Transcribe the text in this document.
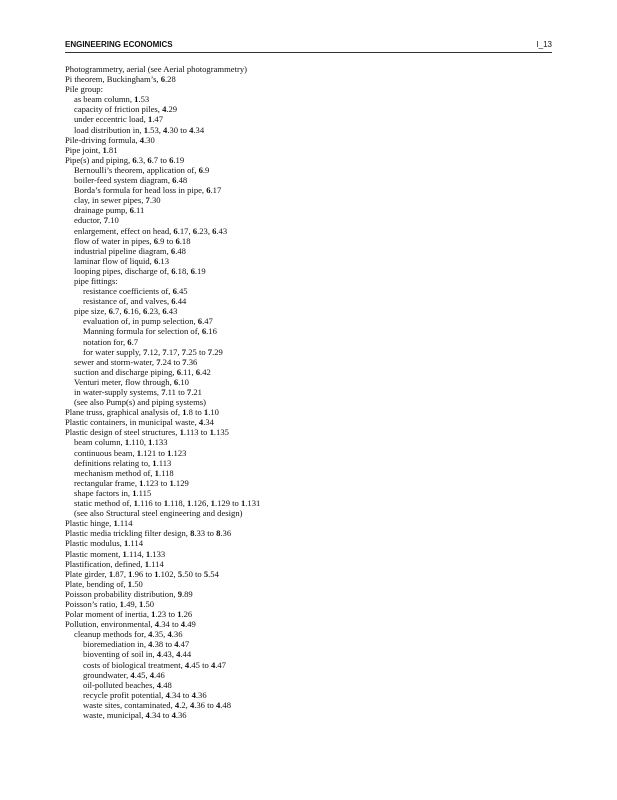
ENGINEERING ECONOMICS	I_13
Photogrammetry, aerial (see Aerial photogrammetry)
Pi theorem, Buckingham’s, 6.28
Pile group:
as beam column, 1.53
capacity of friction piles, 4.29
under eccentric load, 1.47
load distribution in, 1.53, 4.30 to 4.34
Pile-driving formula, 4.30
Pipe joint, 1.81
Pipe(s) and piping, 6.3, 6.7 to 6.19
Bernoulli’s theorem, application of, 6.9
boiler-feed system diagram, 6.48
Borda’s formula for head loss in pipe, 6.17
clay, in sewer pipes, 7.30
drainage pump, 6.11
eductor, 7.10
enlargement, effect on head, 6.17, 6.23, 6.43
flow of water in pipes, 6.9 to 6.18
industrial pipeline diagram, 6.48
laminar flow of liquid, 6.13
looping pipes, discharge of, 6.18, 6.19
pipe fittings:
resistance coefficients of, 6.45
resistance of, and valves, 6.44
pipe size, 6.7, 6.16, 6.23, 6.43
evaluation of, in pump selection, 6.47
Manning formula for selection of, 6.16
notation for, 6.7
for water supply, 7.12, 7.17, 7.25 to 7.29
sewer and storm-water, 7.24 to 7.36
suction and discharge piping, 6.11, 6.42
Venturi meter, flow through, 6.10
in water-supply systems, 7.11 to 7.21
(see also Pump(s) and piping systems)
Plane truss, graphical analysis of, 1.8 to 1.10
Plastic containers, in municipal waste, 4.34
Plastic design of steel structures, 1.113 to 1.135
beam column, 1.110, 1.133
continuous beam, 1.121 to 1.123
definitions relating to, 1.113
mechanism method of, 1.118
rectangular frame, 1.123 to 1.129
shape factors in, 1.115
static method of, 1.116 to 1.118, 1.126, 1.129 to 1.131
(see also Structural steel engineering and design)
Plastic hinge, 1.114
Plastic media trickling filter design, 8.33 to 8.36
Plastic modulus, 1.114
Plastic moment, 1.114, 1.133
Plastification, defined, 1.114
Plate girder, 1.87, 1.96 to 1.102, 5.50 to 5.54
Plate, bending of, 1.50
Poisson probability distribution, 9.89
Poisson’s ratio, 1.49, 1.50
Polar moment of inertia, 1.23 to 1.26
Pollution, environmental, 4.34 to 4.49
cleanup methods for, 4.35, 4.36
bioremediation in, 4.38 to 4.47
bioventing of soil in, 4.43, 4.44
costs of biological treatment, 4.45 to 4.47
groundwater, 4.45, 4.46
oil-polluted beaches, 4.48
recycle profit potential, 4.34 to 4.36
waste sites, contaminated, 4.2, 4.36 to 4.48
waste, municipal, 4.34 to 4.36
